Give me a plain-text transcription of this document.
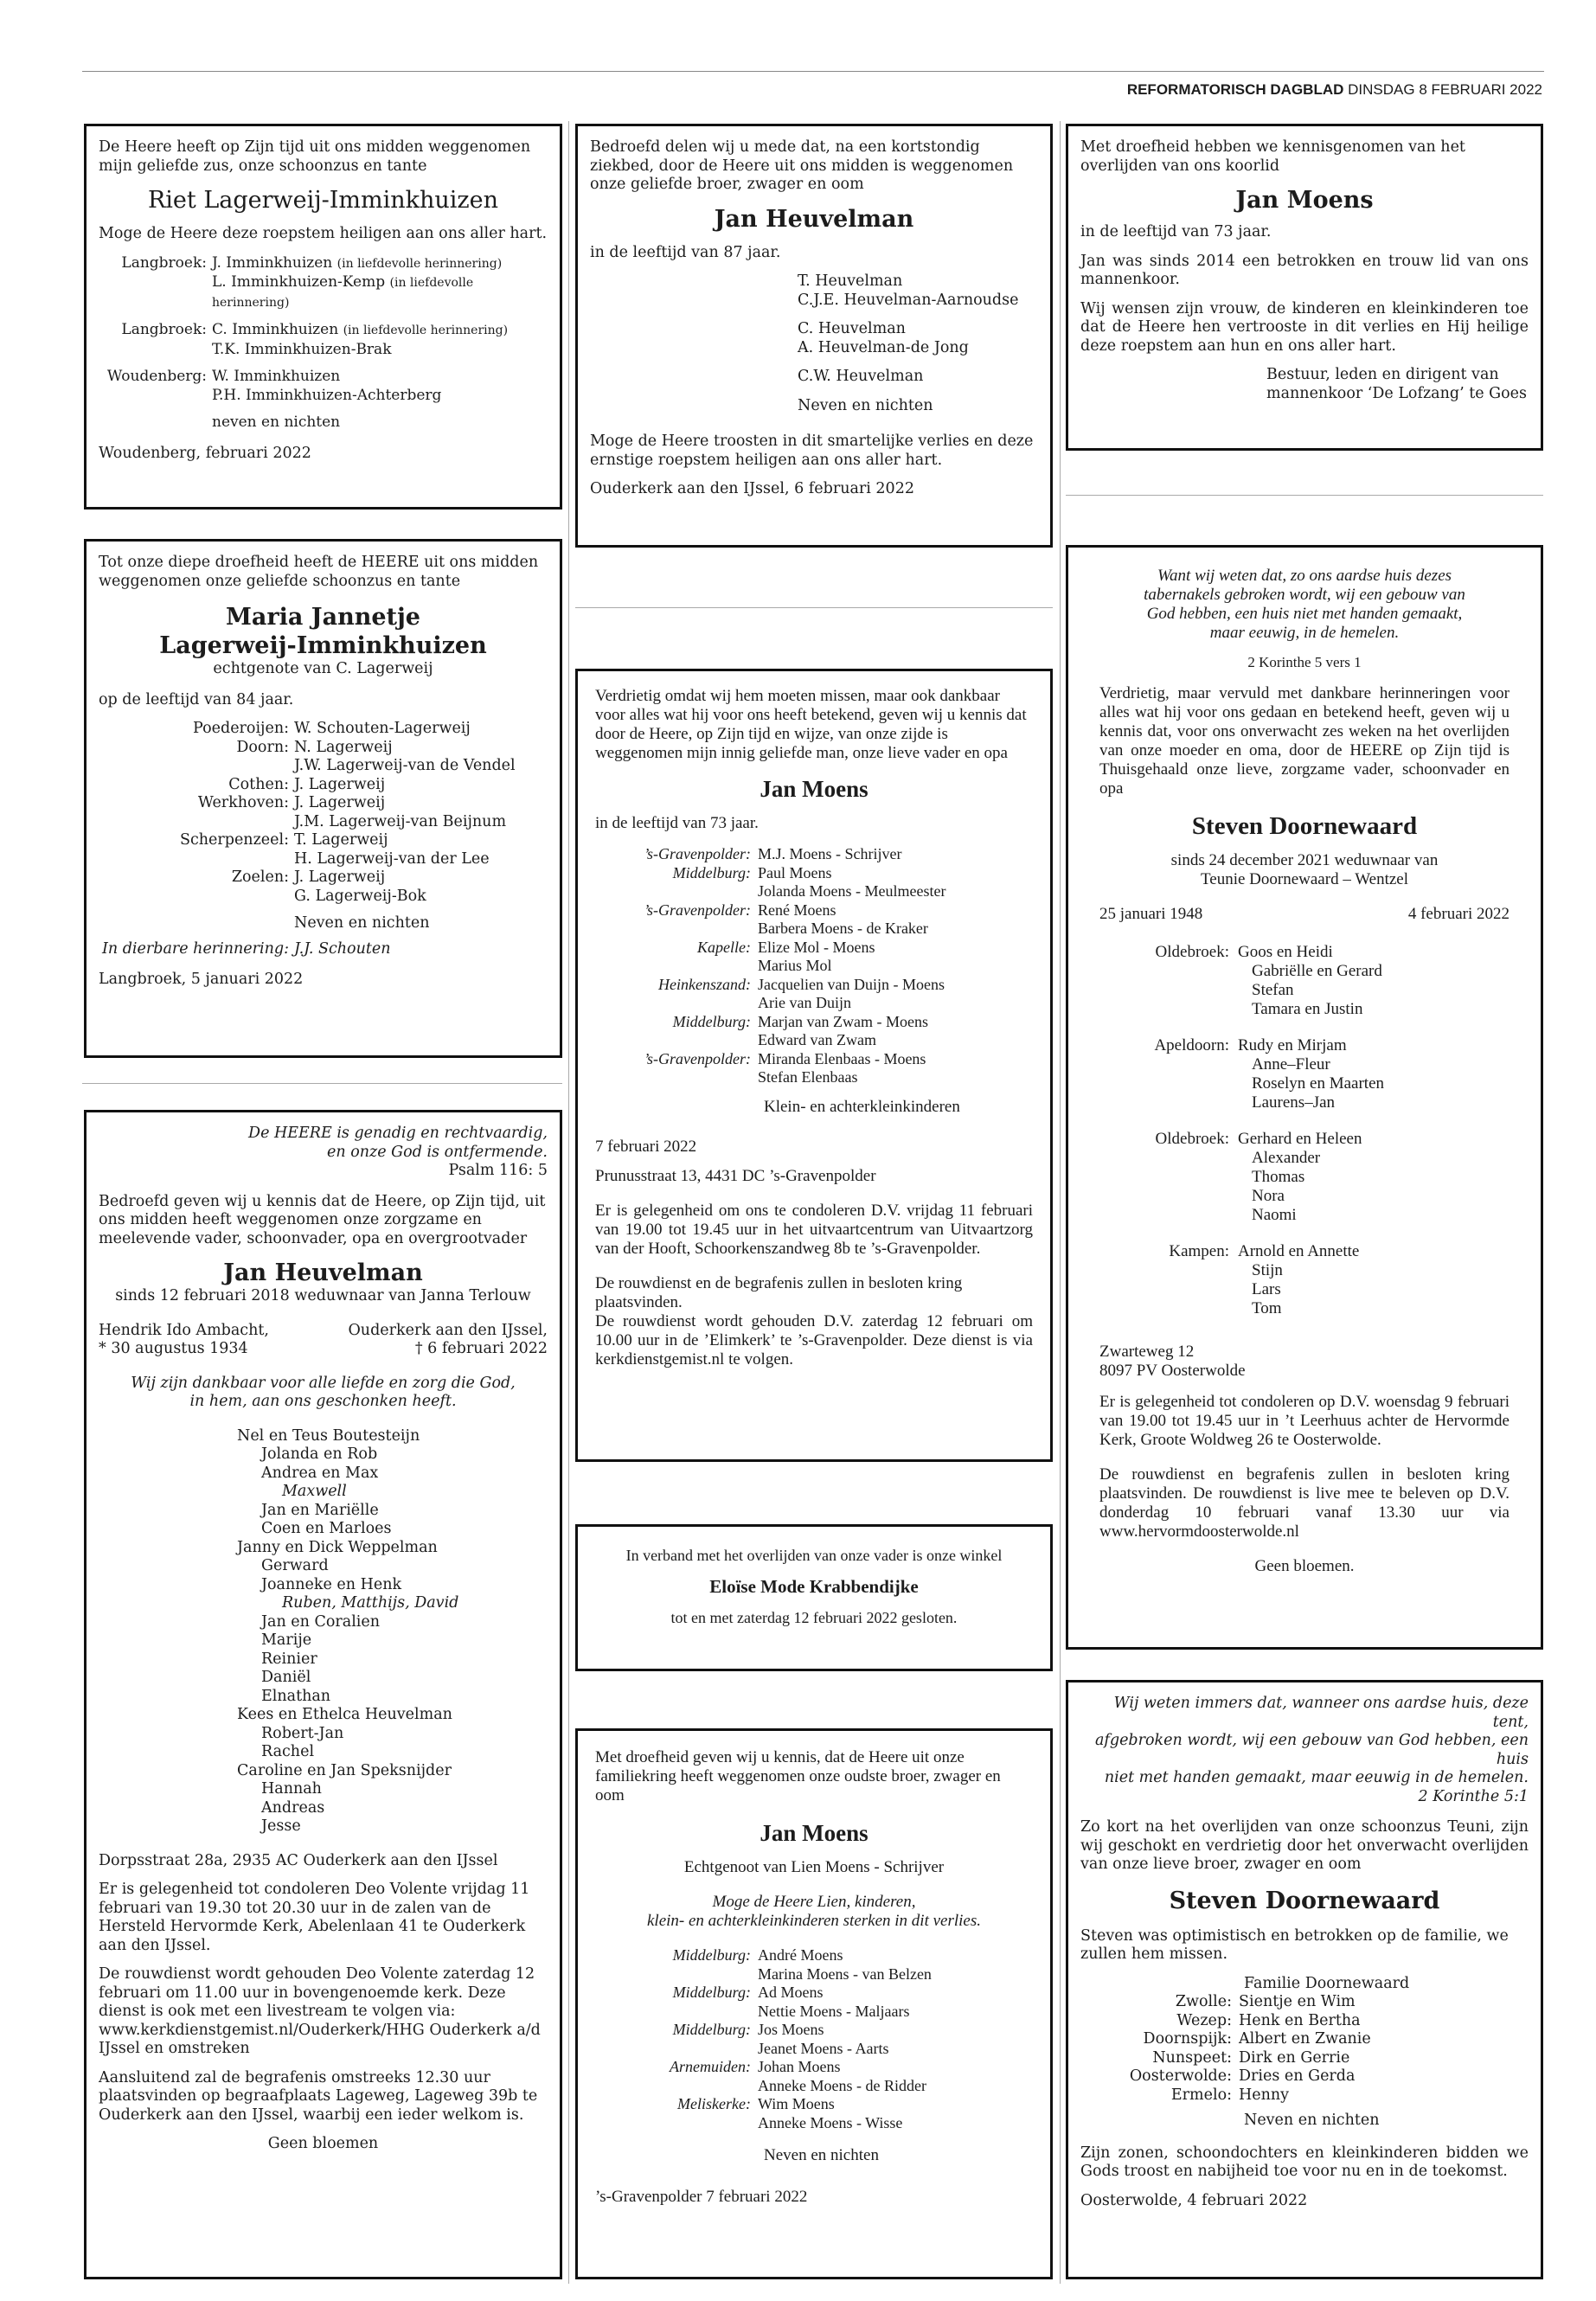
REFORMATORISCH DAGBLAD DINSDAG 8 FEBRUARI 2022

De Heere heeft op Zijn tijd uit ons midden weggenomen mijn geliefde zus, onze schoonzus en tante

Riet Lagerweij-Imminkhuizen

Moge de Heere deze roepstem heiligen aan ons aller hart.

Langbroek: J. Imminkhuizen (in liefdevolle herinnering)
L. Imminkhuizen-Kemp (in liefdevolle herinnering)
Langbroek: C. Imminkhuizen (in liefdevolle herinnering)
T.K. Imminkhuizen-Brak
Woudenberg: W. Imminkhuizen
P.H. Imminkhuizen-Achterberg
neven en nichten
Woudenberg, februari 2022

Tot onze diepe droefheid heeft de HEERE uit ons midden weggenomen onze geliefde schoonzus en tante

Maria Jannetje
Lagerweij-Imminkhuizen
echtgenote van C. Lagerweij

op de leeftijd van 84 jaar.

Poederoijen: W. Schouten-Lagerweij
Doorn: N. Lagerweij
J.W. Lagerweij-van de Vendel
Cothen: J. Lagerweij
Werkhoven: J. Lagerweij
J.M. Lagerweij-van Beijnum
Scherpenzeel: T. Lagerweij
H. Lagerweij-van der Lee
Zoelen: J. Lagerweij
G. Lagerweij-Bok
Neven en nichten
In dierbare herinnering: J.J. Schouten
Langbroek, 5 januari 2022
De HEERE is genadig en rechtvaardig,
en onze God is ontfermende.
Psalm 116: 5

Bedroefd geven wij u kennis dat de Heere, op Zijn tijd, uit ons midden heeft weggenomen onze zorgzame en meelevende vader, schoonvader, opa en overgrootvader

Jan Heuvelman
sinds 12 februari 2018 weduwnaar van Janna Terlouw
Hendrik Ido Ambacht,
* 30 augustus 1934
Ouderkerk aan den IJssel,
† 6 februari 2022
Wij zijn dankbaar voor alle liefde en zorg die God,
in hem, aan ons geschonken heeft.
Nel en Teus Boutesteijn
Jolanda en Rob
Andrea en Max
Maxwell
Jan en Mariëlle
Coen en Marloes
Janny en Dick Weppelman
Gerward
Joanneke en Henk
Ruben, Matthijs, David
Jan en Coralien
Marije
Reinier
Daniël
Elnathan
Kees en Ethelca Heuvelman
Robert-Jan
Rachel
Caroline en Jan Speksnijder
Hannah
Andreas
Jesse

Dorpsstraat 28a, 2935 AC Ouderkerk aan den IJssel

Er is gelegenheid tot condoleren Deo Volente vrijdag 11 februari van 19.30 tot 20.30 uur in de zalen van de Hersteld Hervormde Kerk, Abelenlaan 41 te Ouderkerk aan den IJssel.

De rouwdienst wordt gehouden Deo Volente zaterdag 12 februari om 11.00 uur in bovengenoemde kerk. Deze dienst is ook met een livestream te volgen via: www.kerkdienstgemist.nl/Ouderkerk/HHG Ouderkerk a/d IJssel en omstreken

Aansluitend zal de begrafenis omstreeks 12.30 uur plaatsvinden op begraafplaats Lageweg, Lageweg 39b te Ouderkerk aan den IJssel, waarbij een ieder welkom is.

Geen bloemen

Bedroefd delen wij u mede dat, na een kortstondig ziekbed, door de Heere uit ons midden is weggenomen onze geliefde broer, zwager en oom

Jan Heuvelman

in de leeftijd van 87 jaar.

T. Heuvelman
C.J.E. Heuvelman-Aarnoudse
C. Heuvelman
A. Heuvelman-de Jong
C.W. Heuvelman
Neven en nichten

Moge de Heere troosten in dit smartelijke verlies en deze ernstige roepstem heiligen aan ons aller hart.

Ouderkerk aan den IJssel, 6 februari 2022

Verdrietig omdat wij hem moeten missen, maar ook dankbaar voor alles wat hij voor ons heeft betekend, geven wij u kennis dat door de Heere, op Zijn tijd en wijze, van onze zijde is weggenomen mijn innig geliefde man, onze lieve vader en opa

Jan Moens

in de leeftijd van 73 jaar.

’s-Gravenpolder: M.J. Moens - Schrijver
Middelburg: Paul Moens
Jolanda Moens - Meulmeester
’s-Gravenpolder: René Moens
Barbera Moens - de Kraker
Kapelle: Elize Mol - Moens
Marius Mol
Heinkenszand: Jacquelien van Duijn - Moens
Arie van Duijn
Middelburg: Marjan van Zwam - Moens
Edward van Zwam
’s-Gravenpolder: Miranda Elenbaas - Moens
Stefan Elenbaas
Klein- en achterkleinkinderen

7 februari 2022

Prunusstraat 13, 4431 DC ’s-Gravenpolder

Er is gelegenheid om ons te condoleren D.V. vrijdag 11 februari van 19.00 tot 19.45 uur in het uitvaartcentrum van Uitvaartzorg van der Hooft, Schoorkenszandweg 8b te ’s-Gravenpolder.

De rouwdienst en de begrafenis zullen in besloten kring plaatsvinden.
De rouwdienst wordt gehouden D.V. zaterdag 12 februari om 10.00 uur in de ’Elimkerk’ te ’s-Gravenpolder. Deze dienst is via kerkdienstgemist.nl te volgen.
In verband met het overlijden van onze vader is onze winkel
Eloïse Mode Krabbendijke
tot en met zaterdag 12 februari 2022 gesloten.

Met droefheid geven wij u kennis, dat de Heere uit onze familiekring heeft weggenomen onze oudste broer, zwager en oom

Jan Moens
Echtgenoot van Lien Moens - Schrijver
Moge de Heere Lien, kinderen,
klein- en achterkleinkinderen sterken in dit verlies.
Middelburg: André Moens
Marina Moens - van Belzen
Middelburg: Ad Moens
Nettie Moens - Maljaars
Middelburg: Jos Moens
Jeanet Moens - Aarts
Arnemuiden: Johan Moens
Anneke Moens - de Ridder
Meliskerke: Wim Moens
Anneke Moens - Wisse
Neven en nichten
’s-Gravenpolder 7 februari 2022

Met droefheid hebben we kennisgenomen van het overlijden van ons koorlid

Jan Moens

in de leeftijd van 73 jaar.

Jan was sinds 2014 een betrokken en trouw lid van ons mannenkoor.

Wij wensen zijn vrouw, de kinderen en kleinkinderen toe dat de Heere hen vertrooste in dit verlies en Hij heilige deze roepstem aan hun en ons aller hart.

Bestuur, leden en dirigent van
mannenkoor ‘De Lofzang’ te Goes
Want wij weten dat, zo ons aardse huis dezes
tabernakels gebroken wordt, wij een gebouw van
God hebben, een huis niet met handen gemaakt,
maar eeuwig, in de hemelen.
2 Korinthe 5 vers 1

Verdrietig, maar vervuld met dankbare herinneringen voor alles wat hij voor ons gedaan en betekend heeft, geven wij u kennis dat, voor ons onverwacht zes weken na het overlijden van onze moeder en oma, door de HEERE op Zijn tijd is Thuisgehaald onze lieve, zorgzame vader, schoonvader en opa

Steven Doornewaard
sinds 24 december 2021 weduwnaar van
Teunie Doornewaard – Wentzel
25 januari 1948	4 februari 2022
Oldebroek: Goos en Heidi
Gabriëlle en Gerard
Stefan
Tamara en Justin
Apeldoorn: Rudy en Mirjam
Anne–Fleur
Roselyn en Maarten
Laurens–Jan
Oldebroek: Gerhard en Heleen
Alexander
Thomas
Nora
Naomi
Kampen: Arnold en Annette
Stijn
Lars
Tom
Zwarteweg 12
8097 PV Oosterwolde

Er is gelegenheid tot condoleren op D.V. woensdag 9 februari van 19.00 tot 19.45 uur in ’t Leerhuus achter de Hervormde Kerk, Groote Woldweg 26 te Oosterwolde.

De rouwdienst en begrafenis zullen in besloten kring plaatsvinden. De rouwdienst is live mee te beleven op D.V. donderdag 10 februari vanaf 13.30 uur via www.hervormdoosterwolde.nl

Geen bloemen.
Wij weten immers dat, wanneer ons aardse huis, deze tent,
afgebroken wordt, wij een gebouw van God hebben, een huis
niet met handen gemaakt, maar eeuwig in de hemelen.
2 Korinthe 5:1

Zo kort na het overlijden van onze schoonzus Teuni, zijn wij geschokt en verdrietig door het onverwacht overlijden van onze lieve broer, zwager en oom

Steven Doornewaard

Steven was optimistisch en betrokken op de familie, we zullen hem missen.

Familie Doornewaard
Zwolle: Sientje en Wim
Wezep: Henk en Bertha
Doornspijk: Albert en Zwanie
Nunspeet: Dirk en Gerrie
Oosterwolde: Dries en Gerda
Ermelo: Henny
Neven en nichten

Zijn zonen, schoondochters en kleinkinderen bidden we Gods troost en nabijheid toe voor nu en in de toekomst.

Oosterwolde, 4 februari 2022
